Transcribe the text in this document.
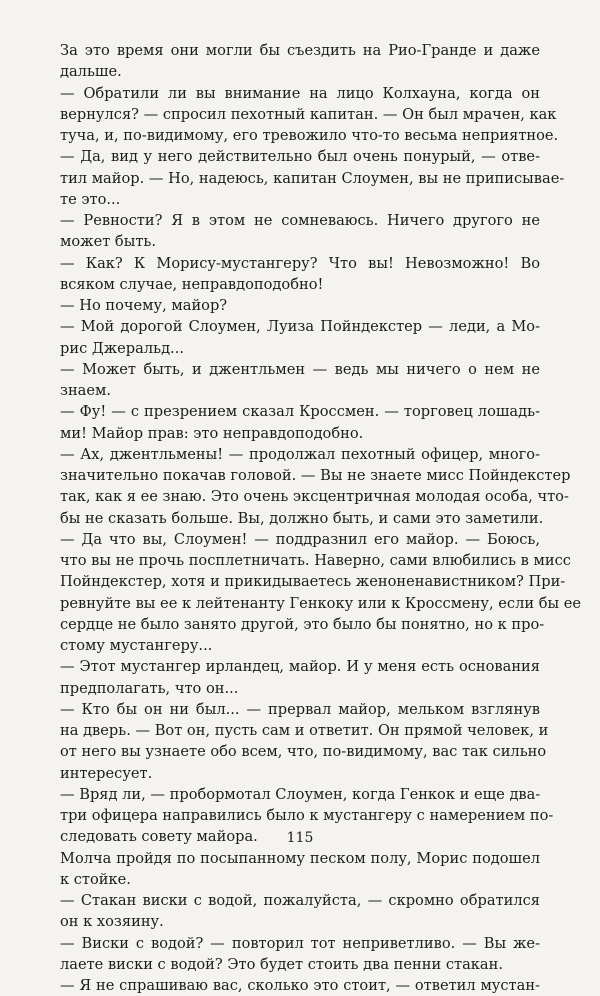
За это время они могли бы съездить на Рио-Гранде и даже
дальше.
— Обратили ли вы внимание на лицо Колхауна, когда он
вернулся? — спросил пехотный капитан. — Он был мрачен, как
туча, и, по-видимому, его тревожило что-то весьма неприятное.
— Да, вид у него действительно был очень понурый, — отве-
тил майор. — Но, надеюсь, капитан Слоумен, вы не приписывае-
те это...
— Ревности? Я в этом не сомневаюсь. Ничего другого не
может быть.
— Как? К Морису-мустангеру? Что вы! Невозможно! Во
всяком случае, неправдоподобно!
— Но почему, майор?
— Мой дорогой Слоумен, Луиза Пойндекстер — леди, а Мо-
рис Джеральд...
— Может быть, и джентльмен — ведь мы ничего о нем не
знаем.
— Фу! — с презрением сказал Кроссмен. — торговец лошадь-
ми! Майор прав: это неправдоподобно.
— Ах, джентльмены! — продолжал пехотный офицер, много-
значительно покачав головой. — Вы не знаете мисс Пойндекстер
так, как я ее знаю. Это очень эксцентричная молодая особа, что-
бы не сказать больше. Вы, должно быть, и сами это заметили.
— Да что вы, Слоумен! — поддразнил его майор. — Боюсь,
что вы не прочь посплетничать. Наверно, сами влюбились в мисс
Пойндекстер, хотя и прикидываетесь женоненавистником? При-
ревнуйте вы ее к лейтенанту Генкоку или к Кроссмену, если бы ее
сердце не было занято другой, это было бы понятно, но к про-
стому мустангеру...
— Этот мустангер ирландец, майор. И у меня есть основания
предполагать, что он...
— Кто бы он ни был... — прервал майор, мельком взглянув
на дверь. — Вот он, пусть сам и ответит. Он прямой человек, и
от него вы узнаете обо всем, что, по-видимому, вас так сильно
интересует.
— Вряд ли, — пробормотал Слоумен, когда Генкок и еще два-
три офицера направились было к мустангеру с намерением по-
следовать совету майора.
Молча пройдя по посыпанному песком полу, Морис подошел
к стойке.
— Стакан виски с водой, пожалуйста, — скромно обратился
он к хозяину.
— Виски с водой? — повторил тот неприветливо. — Вы же-
лаете виски с водой? Это будет стоить два пенни стакан.
— Я не спрашиваю вас, сколько это стоит, — ответил мустан-
115
